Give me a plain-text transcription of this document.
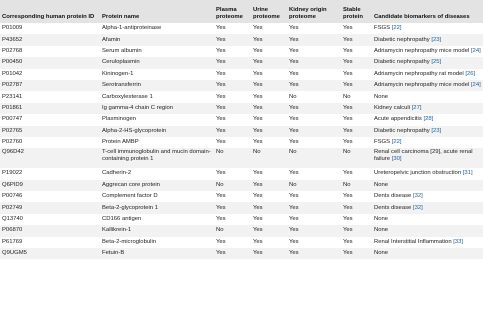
Corresponding human protein ID	Protein name	Plasma proteome	Urine proteome	Kidney origin proteome	Stable protein	Candidate biomarkers of diseases
P01009	Alpha-1-antiproteinase	Yes	Yes	Yes	Yes	FSGS [22]
P43652	Afamin	Yes	Yes	Yes	Yes	Diabetic nephropathy [23]
P02768	Serum albumin	Yes	Yes	Yes	Yes	Adriamycin nephropathy mice model [24]
P00450	Ceruloplasmin	Yes	Yes	Yes	Yes	Diabetic nephropathy [25]
P01042	Kininogen-1	Yes	Yes	Yes	Yes	Adriamycin nephropathy rat model [26]
P02787	Serotransferrin	Yes	Yes	Yes	Yes	Adriamycin nephropathy mice model [24]
P23141	Carboxylesterase 1	Yes	Yes	No	No	None
P01861	Ig gamma-4 chain C region	Yes	Yes	Yes	Yes	Kidney calculi [27]
P00747	Plasminogen	Yes	Yes	Yes	Yes	Acute appendicitis [28]
P02765	Alpha-2-HS-glycoprotein	Yes	Yes	Yes	Yes	Diabetic nephropathy [23]
P02760	Protein AMBP	Yes	Yes	Yes	Yes	FSGS [22]
Q96D42	T-cell immunoglobulin and mucin domain-containing protein 1	No	No	No	No	Renal cell carcinoma [29], acute renal failure [30]
P19022	Cadherin-2	Yes	Yes	Yes	Yes	Ureteropelvic junction obstruction [31]
Q6PID9	Aggrecan core protein	No	Yes	No	No	None
P00746	Complement factor D	Yes	Yes	Yes	Yes	Dents disease [32]
P02749	Beta-2-glycoprotein 1	Yes	Yes	Yes	Yes	Dents disease [32]
Q13740	CD166 antigen	Yes	Yes	Yes	Yes	None
P06870	Kallikrein-1	No	Yes	Yes	Yes	None
P61769	Beta-2-microglobulin	Yes	Yes	Yes	Yes	Renal Interstitial Inflammation [33]
Q9UGM5	Fetuin-B	Yes	Yes	Yes	Yes	None
